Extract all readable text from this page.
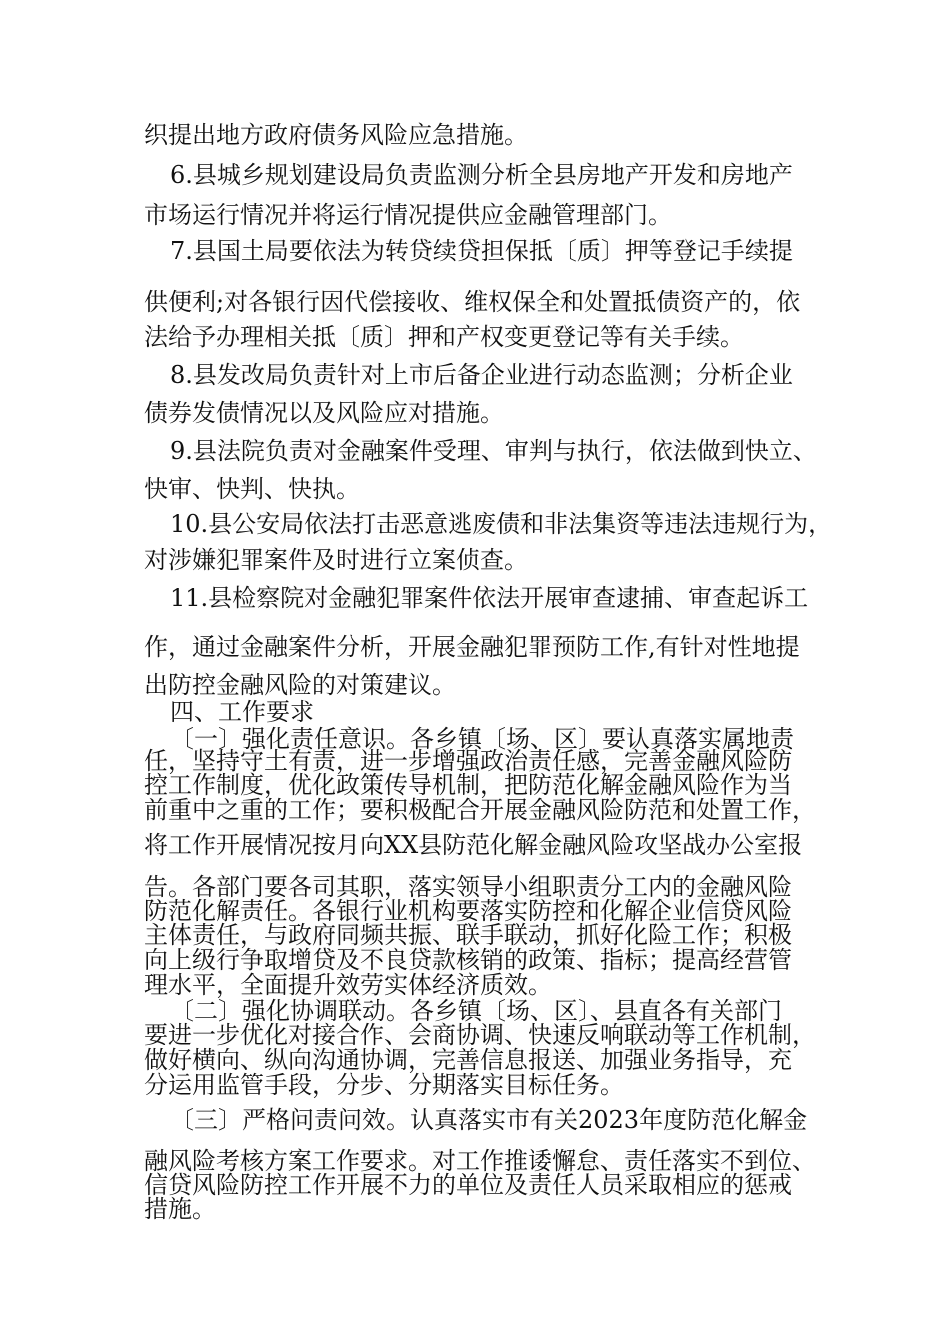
织提出地方政府债务风险应急措施。
6.县城乡规划建设局负责监测分析全县房地产开发和房地产
市场运行情况并将运行情况提供应金融管理部门。
7.县国土局要依法为转贷续贷担保抵〔质〕押等登记手续提
供便利;对各银行因代偿接收、维权保全和处置抵债资产的，依
法给予办理相关抵〔质〕押和产权变更登记等有关手续。
8.县发改局负责针对上市后备企业进行动态监测；分析企业
债券发债情况以及风险应对措施。
9.县法院负责对金融案件受理、审判与执行，依法做到快立、
快审、快判、快执。
10.县公安局依法打击恶意逃废债和非法集资等违法违规行为，
对涉嫌犯罪案件及时进行立案侦查。
11.县检察院对金融犯罪案件依法开展审查逮捕、审查起诉工
作，通过金融案件分析，开展金融犯罪预防工作,有针对性地提
出防控金融风险的对策建议。
四、工作要求
〔一〕强化责任意识。各乡镇〔场、区〕要认真落实属地责
任，坚持守土有责，进一步增强政治责任感，完善金融风险防
控工作制度，优化政策传导机制，把防范化解金融风险作为当
前重中之重的工作；要积极配合开展金融风险防范和处置工作，
将工作开展情况按月向XX县防范化解金融风险攻坚战办公室报
告。各部门要各司其职，落实领导小组职责分工内的金融风险
防范化解责任。各银行业机构要落实防控和化解企业信贷风险
主体责任，与政府同频共振、联手联动，抓好化险工作；积极
向上级行争取增贷及不良贷款核销的政策、指标；提高经营管
理水平，全面提升效劳实体经济质效。
〔二〕强化协调联动。各乡镇〔场、区〕、县直各有关部门
要进一步优化对接合作、会商协调、快速反响联动等工作机制，
做好横向、纵向沟通协调，完善信息报送、加强业务指导，充
分运用监管手段，分步、分期落实目标任务。
〔三〕严格问责问效。认真落实市有关2023年度防范化解金
融风险考核方案工作要求。对工作推诿懈怠、责任落实不到位、
信贷风险防控工作开展不力的单位及责任人员采取相应的惩戒
措施。
